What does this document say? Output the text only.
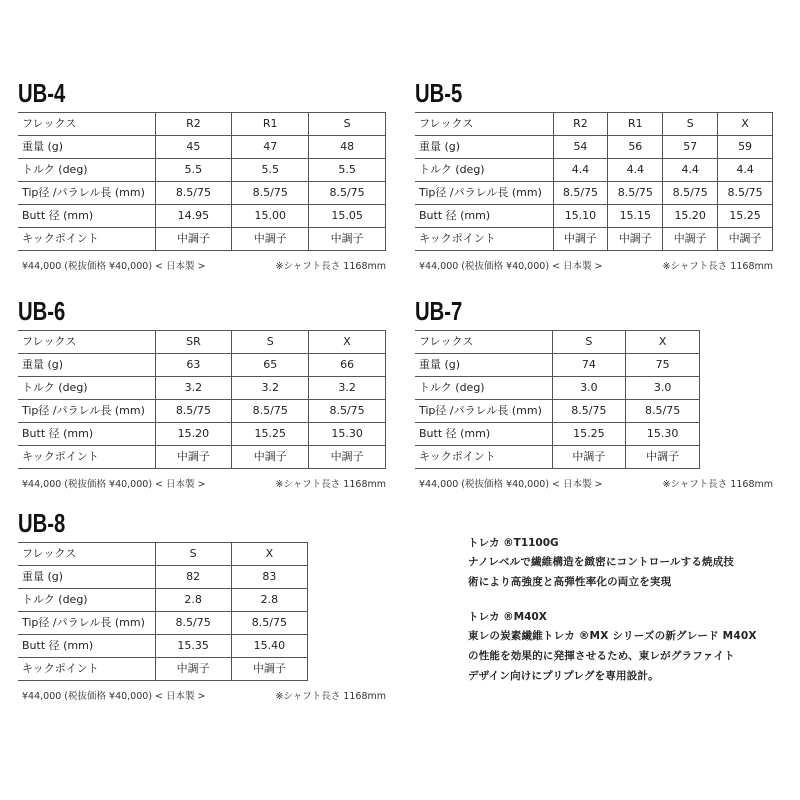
UB-4
フレックス	R2	R1	S
重量 (g)	45	47	48
トルク (deg)	5.5	5.5	5.5
Tip径 /パラレル長 (mm)	8.5/75	8.5/75	8.5/75
Butt 径 (mm)	14.95	15.00	15.05
キックポイント	中調子	中調子	中調子
¥44,000 (税抜価格 ¥40,000) < 日本製 >	※シャフト長さ 1168mm
UB-5
フレックス	R2	R1	S	X
重量 (g)	54	56	57	59
トルク (deg)	4.4	4.4	4.4	4.4
Tip径 /パラレル長 (mm)	8.5/75	8.5/75	8.5/75	8.5/75
Butt 径 (mm)	15.10	15.15	15.20	15.25
キックポイント	中調子	中調子	中調子	中調子
¥44,000 (税抜価格 ¥40,000) < 日本製 >	※シャフト長さ 1168mm
UB-6
フレックス	SR	S	X
重量 (g)	63	65	66
トルク (deg)	3.2	3.2	3.2
Tip径 /パラレル長 (mm)	8.5/75	8.5/75	8.5/75
Butt 径 (mm)	15.20	15.25	15.30
キックポイント	中調子	中調子	中調子
¥44,000 (税抜価格 ¥40,000) < 日本製 >	※シャフト長さ 1168mm
UB-7
フレックス	S	X
重量 (g)	74	75
トルク (deg)	3.0	3.0
Tip径 /パラレル長 (mm)	8.5/75	8.5/75
Butt 径 (mm)	15.25	15.30
キックポイント	中調子	中調子
¥44,000 (税抜価格 ¥40,000) < 日本製 >	※シャフト長さ 1168mm
UB-8
フレックス	S	X
重量 (g)	82	83
トルク (deg)	2.8	2.8
Tip径 /パラレル長 (mm)	8.5/75	8.5/75
Butt 径 (mm)	15.35	15.40
キックポイント	中調子	中調子
¥44,000 (税抜価格 ¥40,000) < 日本製 >	※シャフト長さ 1168mm
トレカ ®T1100G
ナノレベルで繊維構造を緻密にコントロールする焼成技
術により高強度と高弾性率化の両立を実現
トレカ ®M40X
東レの炭素繊維トレカ ®MX シリーズの新グレード M40X
の性能を効果的に発揮させるため、東レがグラファイト
デザイン向けにプリプレグを専用設計。
